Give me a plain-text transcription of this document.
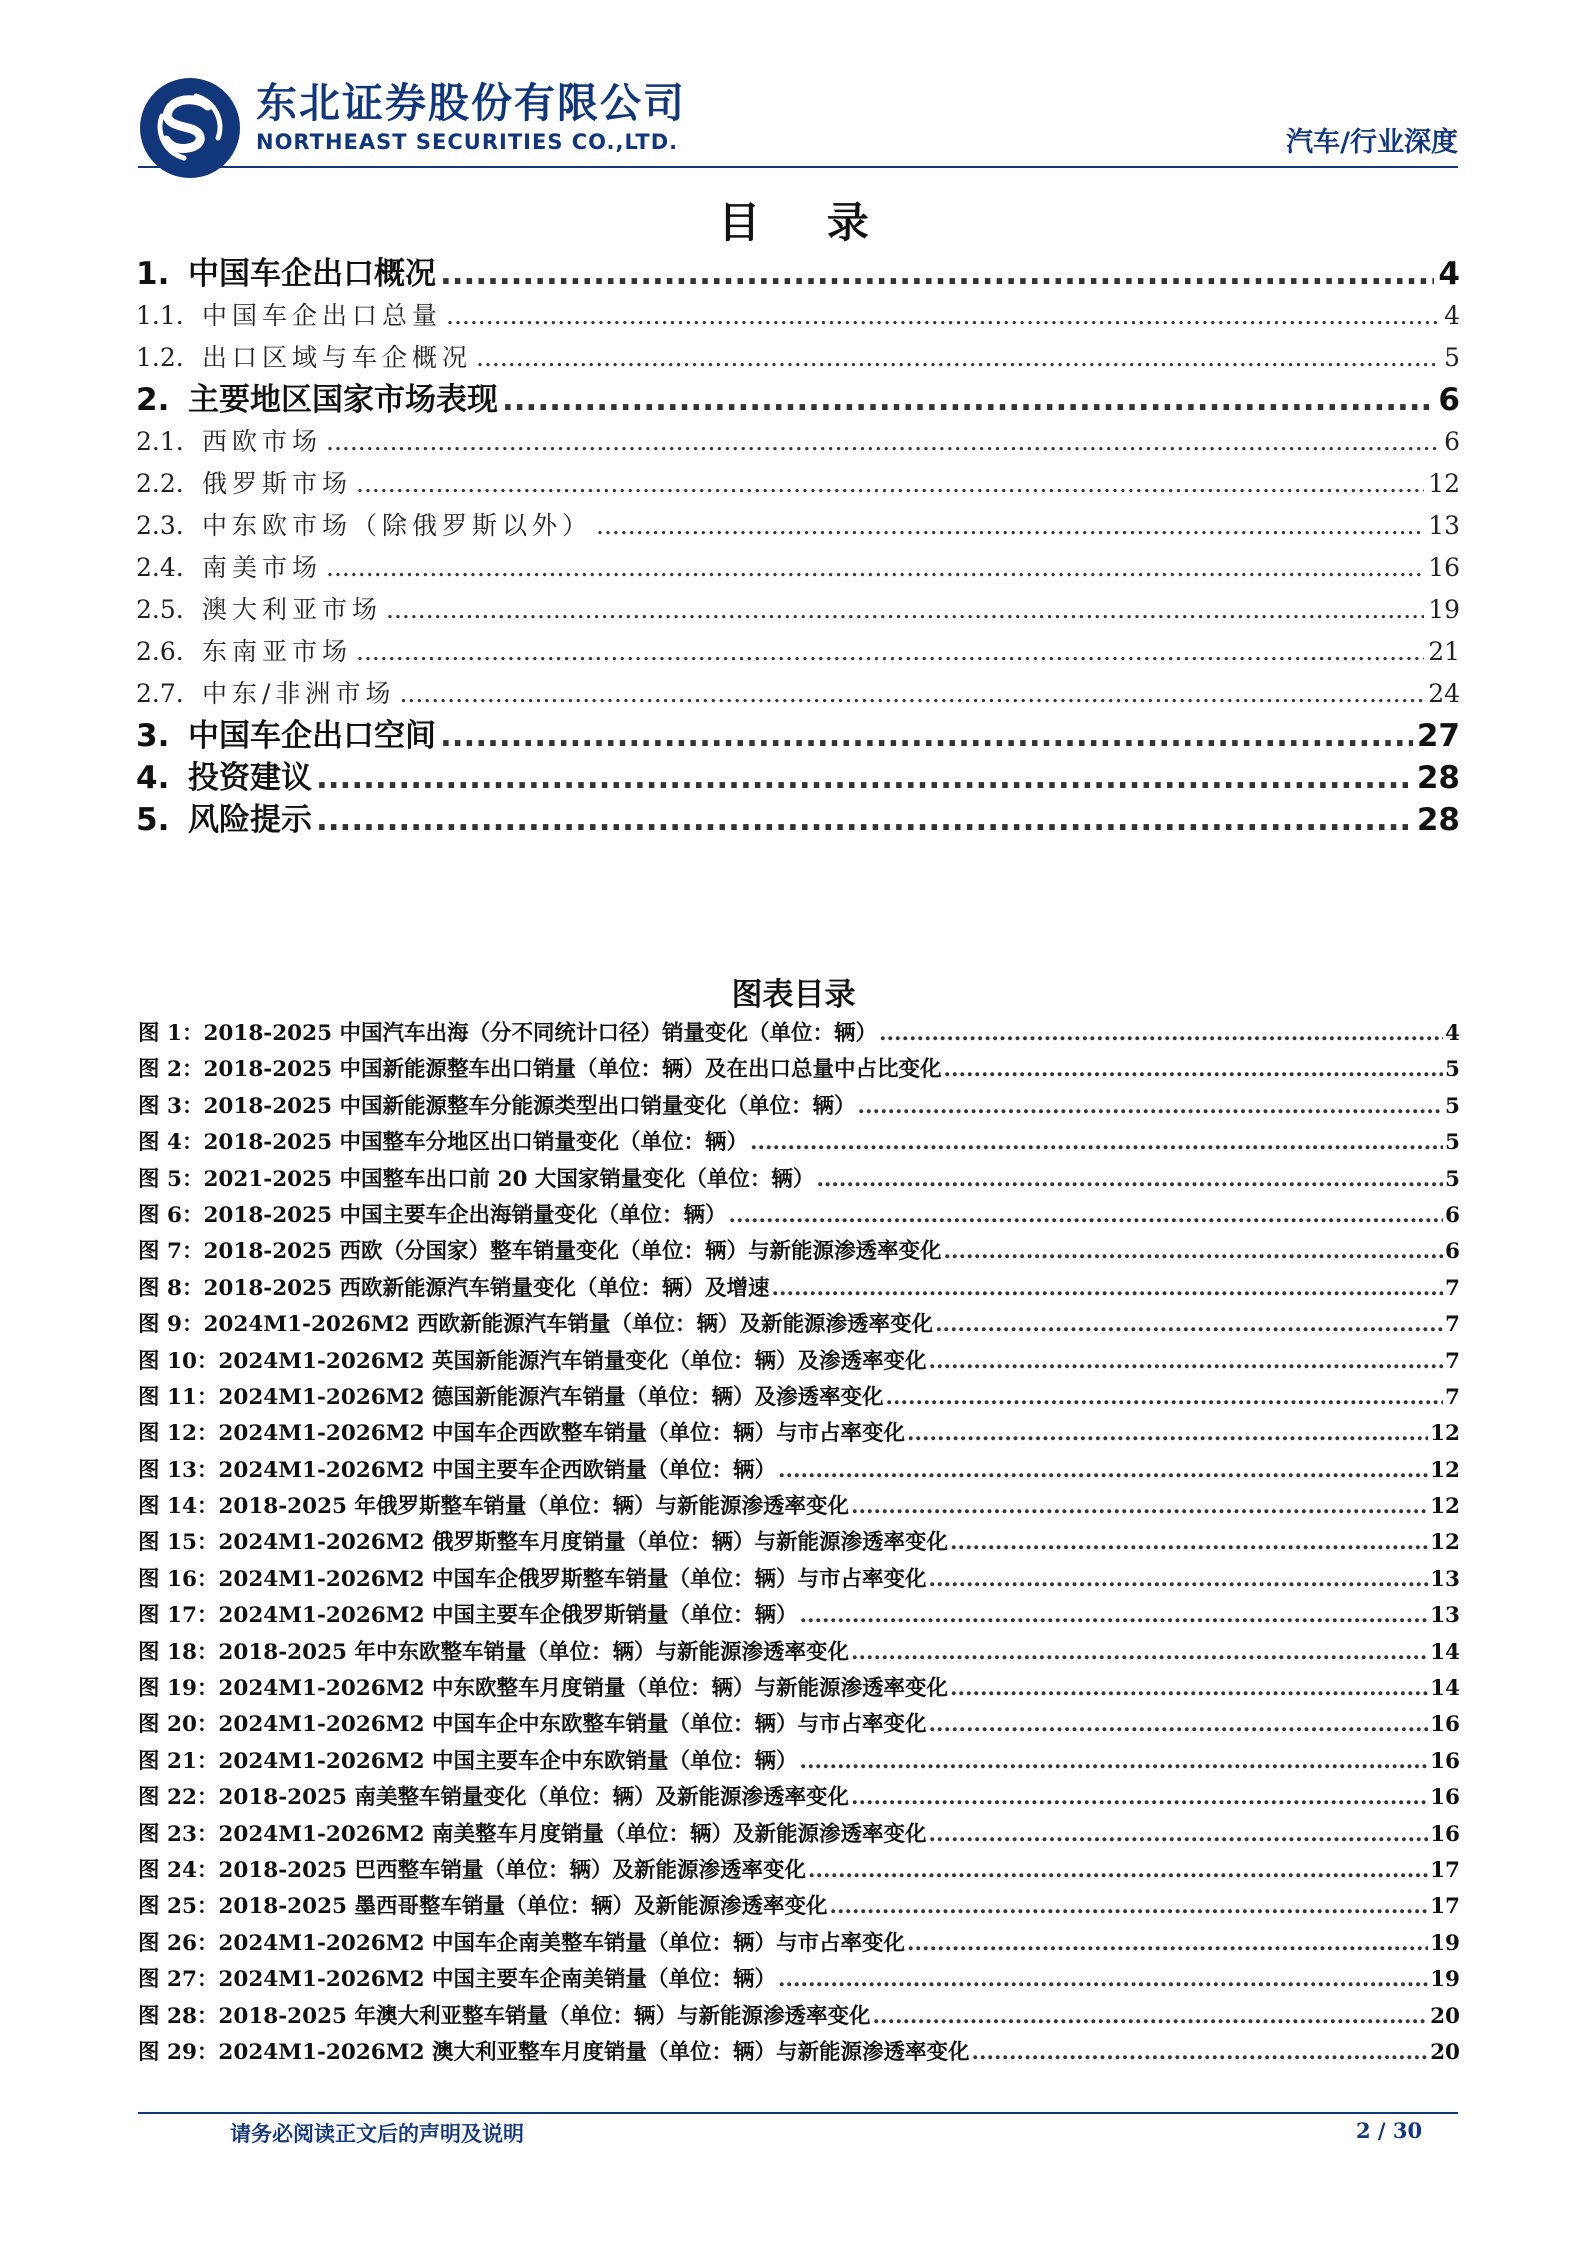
东北证券股份有限公司
NORTHEAST SECURITIES CO.,LTD.	汽车/行业深度
目 录
1. 中国车企出口概况 .....	4
1.1. 中国车企出口总量 .....	4
1.2. 出口区域与车企概况 .....	5
2. 主要地区国家市场表现 .....	6
2.1. 西欧市场 .....	6
2.2. 俄罗斯市场 .....	12
2.3. 中东欧市场（除俄罗斯以外） .....	13
2.4. 南美市场 .....	16
2.5. 澳大利亚市场 .....	19
2.6. 东南亚市场 .....	21
2.7. 中东/非洲市场 .....	24
3. 中国车企出口空间 .....	27
4. 投资建议 .....	28
5. 风险提示 .....	28
图表目录
图 1：2018-2025 中国汽车出海（分不同统计口径）销量变化（单位：辆） .....	4
图 2：2018-2025 中国新能源整车出口销量（单位：辆）及在出口总量中占比变化 .....	5
图 3：2018-2025 中国新能源整车分能源类型出口销量变化（单位：辆） .....	5
图 4：2018-2025 中国整车分地区出口销量变化（单位：辆） .....	5
图 5：2021-2025 中国整车出口前 20 大国家销量变化（单位：辆） .....	5
图 6：2018-2025 中国主要车企出海销量变化（单位：辆） .....	6
图 7：2018-2025 西欧（分国家）整车销量变化（单位：辆）与新能源渗透率变化 .....	6
图 8：2018-2025 西欧新能源汽车销量变化（单位：辆）及增速 .....	7
图 9：2024M1-2026M2 西欧新能源汽车销量（单位：辆）及新能源渗透率变化 .....	7
图 10：2024M1-2026M2 英国新能源汽车销量变化（单位：辆）及渗透率变化 .....	7
图 11：2024M1-2026M2 德国新能源汽车销量（单位：辆）及渗透率变化 .....	7
图 12：2024M1-2026M2 中国车企西欧整车销量（单位：辆）与市占率变化 .....	12
图 13：2024M1-2026M2 中国主要车企西欧销量（单位：辆） .....	12
图 14：2018-2025 年俄罗斯整车销量（单位：辆）与新能源渗透率变化 .....	12
图 15：2024M1-2026M2 俄罗斯整车月度销量（单位：辆）与新能源渗透率变化 .....	12
图 16：2024M1-2026M2 中国车企俄罗斯整车销量（单位：辆）与市占率变化 .....	13
图 17：2024M1-2026M2 中国主要车企俄罗斯销量（单位：辆） .....	13
图 18：2018-2025 年中东欧整车销量（单位：辆）与新能源渗透率变化 .....	14
图 19：2024M1-2026M2 中东欧整车月度销量（单位：辆）与新能源渗透率变化 .....	14
图 20：2024M1-2026M2 中国车企中东欧整车销量（单位：辆）与市占率变化 .....	16
图 21：2024M1-2026M2 中国主要车企中东欧销量（单位：辆） .....	16
图 22：2018-2025 南美整车销量变化（单位：辆）及新能源渗透率变化 .....	16
图 23：2024M1-2026M2 南美整车月度销量（单位：辆）及新能源渗透率变化 .....	16
图 24：2018-2025 巴西整车销量（单位：辆）及新能源渗透率变化 .....	17
图 25：2018-2025 墨西哥整车销量（单位：辆）及新能源渗透率变化 .....	17
图 26：2024M1-2026M2 中国车企南美整车销量（单位：辆）与市占率变化 .....	19
图 27：2024M1-2026M2 中国主要车企南美销量（单位：辆） .....	19
图 28：2018-2025 年澳大利亚整车销量（单位：辆）与新能源渗透率变化 .....	20
图 29：2024M1-2026M2 澳大利亚整车月度销量（单位：辆）与新能源渗透率变化 .....	20
请务必阅读正文后的声明及说明	2 / 30
